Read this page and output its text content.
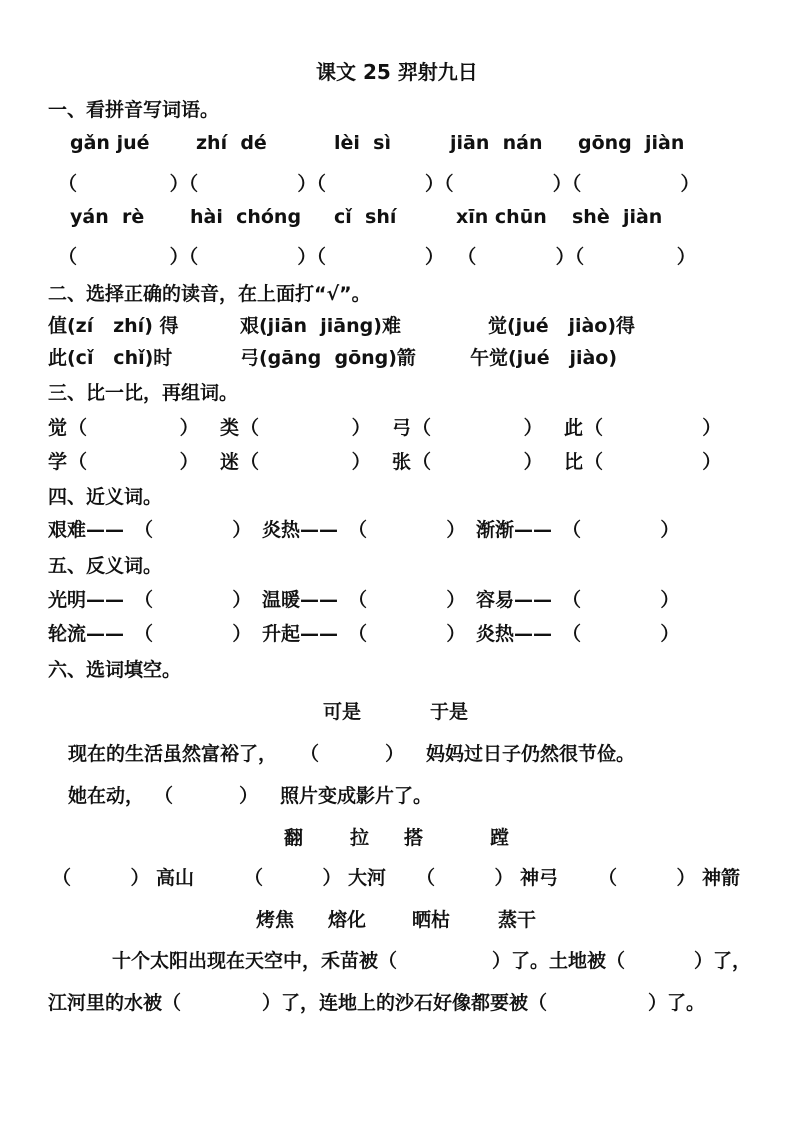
课文 25 羿射九日
一、看拼音写词语。
gǎn jué zhí  dé	lèi  sì	jiān  nán gōng  jiàn
（              ）（               ）（               ）（               ）（               ）
yán  rè hài  chóng cǐ  shí	xīn chūn shè  jiàn
（              ）（               ）（               ）  （            ）（              ）
二、选择正确的读音，在上面打“√”。
值(zí   zhí) 得	艰(jiān  jiāng)难	觉(jué   jiào)得
此(cǐ   chǐ)时	弓(gāng  gōng)箭	午觉(jué   jiào)
三、比一比，再组词。
觉 （              ） 类 （              ） 弓 （              ） 此 （               ）
学 （              ） 迷 （              ） 张 （              ） 比 （               ）
四、近义词。
艰难—— （            ） 炎热—— （            ） 渐渐—— （            ）
五、反义词。
光明—— （            ） 温暖—— （            ） 容易—— （            ）
轮流—— （            ） 升起—— （            ） 炎热—— （            ）
六、选词填空。
可是	于是
现在的生活虽然富裕了， （          ） 妈妈过日子仍然很节俭。
她在动， （          ） 照片变成影片了。
翻 拉 搭	蹚
（         ） 高山	（         ） 大河 （         ） 神弓 （         ） 神箭
烤焦 熔化 晒枯	蒸干
十个太阳出现在天空中，禾苗被（	）了。土地被（	）了，
江河里的水被（	）了，连地上的沙石好像都要被（	）了。
